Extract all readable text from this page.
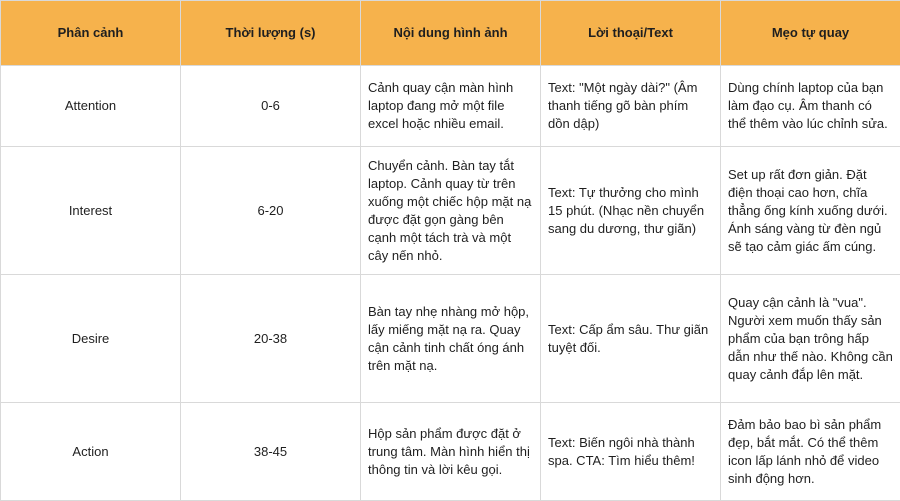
Phân cảnh	Thời lượng (s)	Nội dung hình ảnh	Lời thoại/Text	Mẹo tự quay
Attention	0-6	Cảnh quay cận màn hình laptop đang mở một file excel hoặc nhiều email.	Text: "Một ngày dài?" (Âm thanh tiếng gõ bàn phím dồn dập)	Dùng chính laptop của bạn làm đạo cụ. Âm thanh có thể thêm vào lúc chỉnh sửa.
Interest	6-20	Chuyển cảnh. Bàn tay tắt laptop. Cảnh quay từ trên xuống một chiếc hộp mặt nạ được đặt gọn gàng bên cạnh một tách trà và một cây nến nhỏ.	Text: Tự thưởng cho mình 15 phút. (Nhạc nền chuyển sang du dương, thư giãn)	Set up rất đơn giản. Đặt điện thoại cao hơn, chĩa thẳng ống kính xuống dưới. Ánh sáng vàng từ đèn ngủ sẽ tạo cảm giác ấm cúng.
Desire	20-38	Bàn tay nhẹ nhàng mở hộp, lấy miếng mặt nạ ra. Quay cận cảnh tinh chất óng ánh trên mặt nạ.	Text: Cấp ẩm sâu. Thư giãn tuyệt đối.	Quay cận cảnh là "vua". Người xem muốn thấy sản phẩm của bạn trông hấp dẫn như thế nào. Không cần quay cảnh đắp lên mặt.
Action	38-45	Hộp sản phẩm được đặt ở trung tâm. Màn hình hiển thị thông tin và lời kêu gọi.	Text: Biến ngôi nhà thành spa. CTA: Tìm hiểu thêm!	Đảm bảo bao bì sản phẩm đẹp, bắt mắt. Có thể thêm icon lấp lánh nhỏ để video sinh động hơn.
